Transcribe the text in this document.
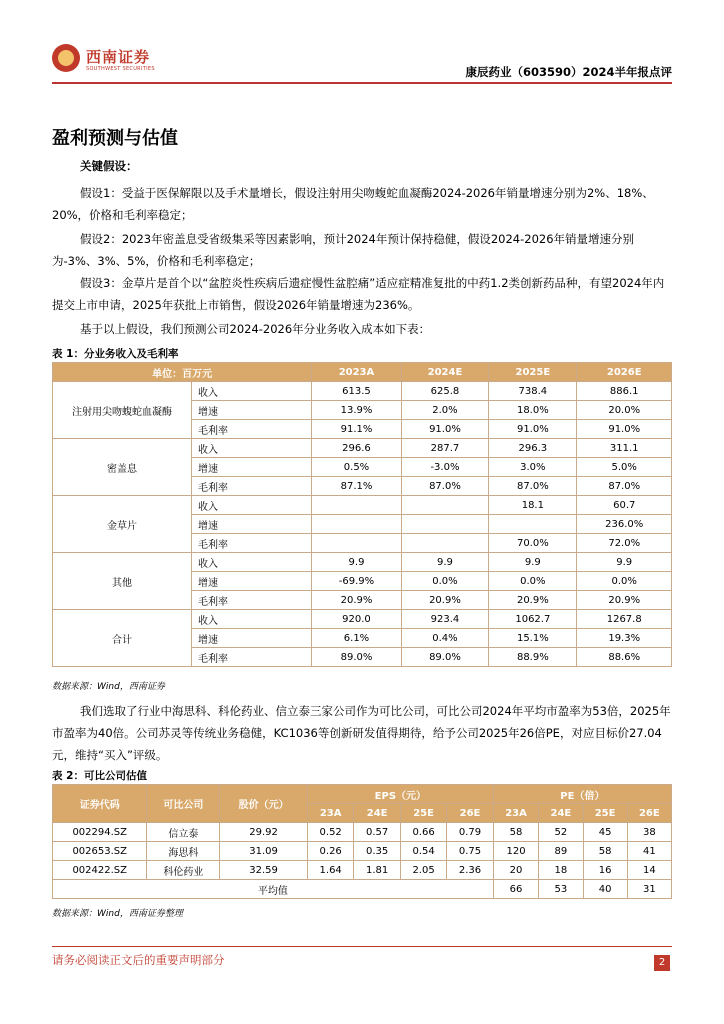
西南证券
SOUTHWEST SECURITIES	康辰药业（603590）2024半年报点评
盈利预测与估值
关键假设：
假设1：受益于医保解限以及手术量增长，假设注射用尖吻蝮蛇血凝酶2024-2026年销量增速分别为2%、18%、20%，价格和毛利率稳定；
假设2：2023年密盖息受省级集采等因素影响，预计2024年预计保持稳健，假设2024-2026年销量增速分别为-3%、3%、5%，价格和毛利率稳定；
假设3：金草片是首个以“盆腔炎性疾病后遗症慢性盆腔痛”适应症精准复批的中药1.2类创新药品种，有望2024年内提交上市申请，2025年获批上市销售，假设2026年销量增速为236%。
基于以上假设，我们预测公司2024-2026年分业务收入成本如下表：
表 1：分业务收入及毛利率
单位：百万元		2023A	2024E	2025E	2026E
注射用尖吻蝮蛇血凝酶	收入	613.5	625.8	738.4	886.1
	增速	13.9%	2.0%	18.0%	20.0%
	毛利率	91.1%	91.0%	91.0%	91.0%
密盖息	收入	296.6	287.7	296.3	311.1
	增速	0.5%	-3.0%	3.0%	5.0%
	毛利率	87.1%	87.0%	87.0%	87.0%
金草片	收入			18.1	60.7
	增速				236.0%
	毛利率			70.0%	72.0%
其他	收入	9.9	9.9	9.9	9.9
	增速	-69.9%	0.0%	0.0%	0.0%
	毛利率	20.9%	20.9%	20.9%	20.9%
合计	收入	920.0	923.4	1062.7	1267.8
	增速	6.1%	0.4%	15.1%	19.3%
	毛利率	89.0%	89.0%	88.9%	88.6%
数据来源：Wind，西南证券
我们选取了行业中海思科、科伦药业、信立泰三家公司作为可比公司，可比公司2024年平均市盈率为53倍，2025年市盈率为40倍。公司苏灵等传统业务稳健，KC1036等创新研发值得期待，给予公司2025年26倍PE，对应目标价27.04元，维持“买入”评级。
表 2：可比公司估值
证券代码	可比公司	股价（元）	EPS（元）				PE（倍）			
			23A	24E	25E	26E	23A	24E	25E	26E
002294.SZ	信立泰	29.92	0.52	0.57	0.66	0.79	58	52	45	38
002653.SZ	海思科	31.09	0.26	0.35	0.54	0.75	120	89	58	41
002422.SZ	科伦药业	32.59	1.64	1.81	2.05	2.36	20	18	16	14
平均值							66	53	40	31
数据来源：Wind，西南证券整理
请务必阅读正文后的重要声明部分	2
